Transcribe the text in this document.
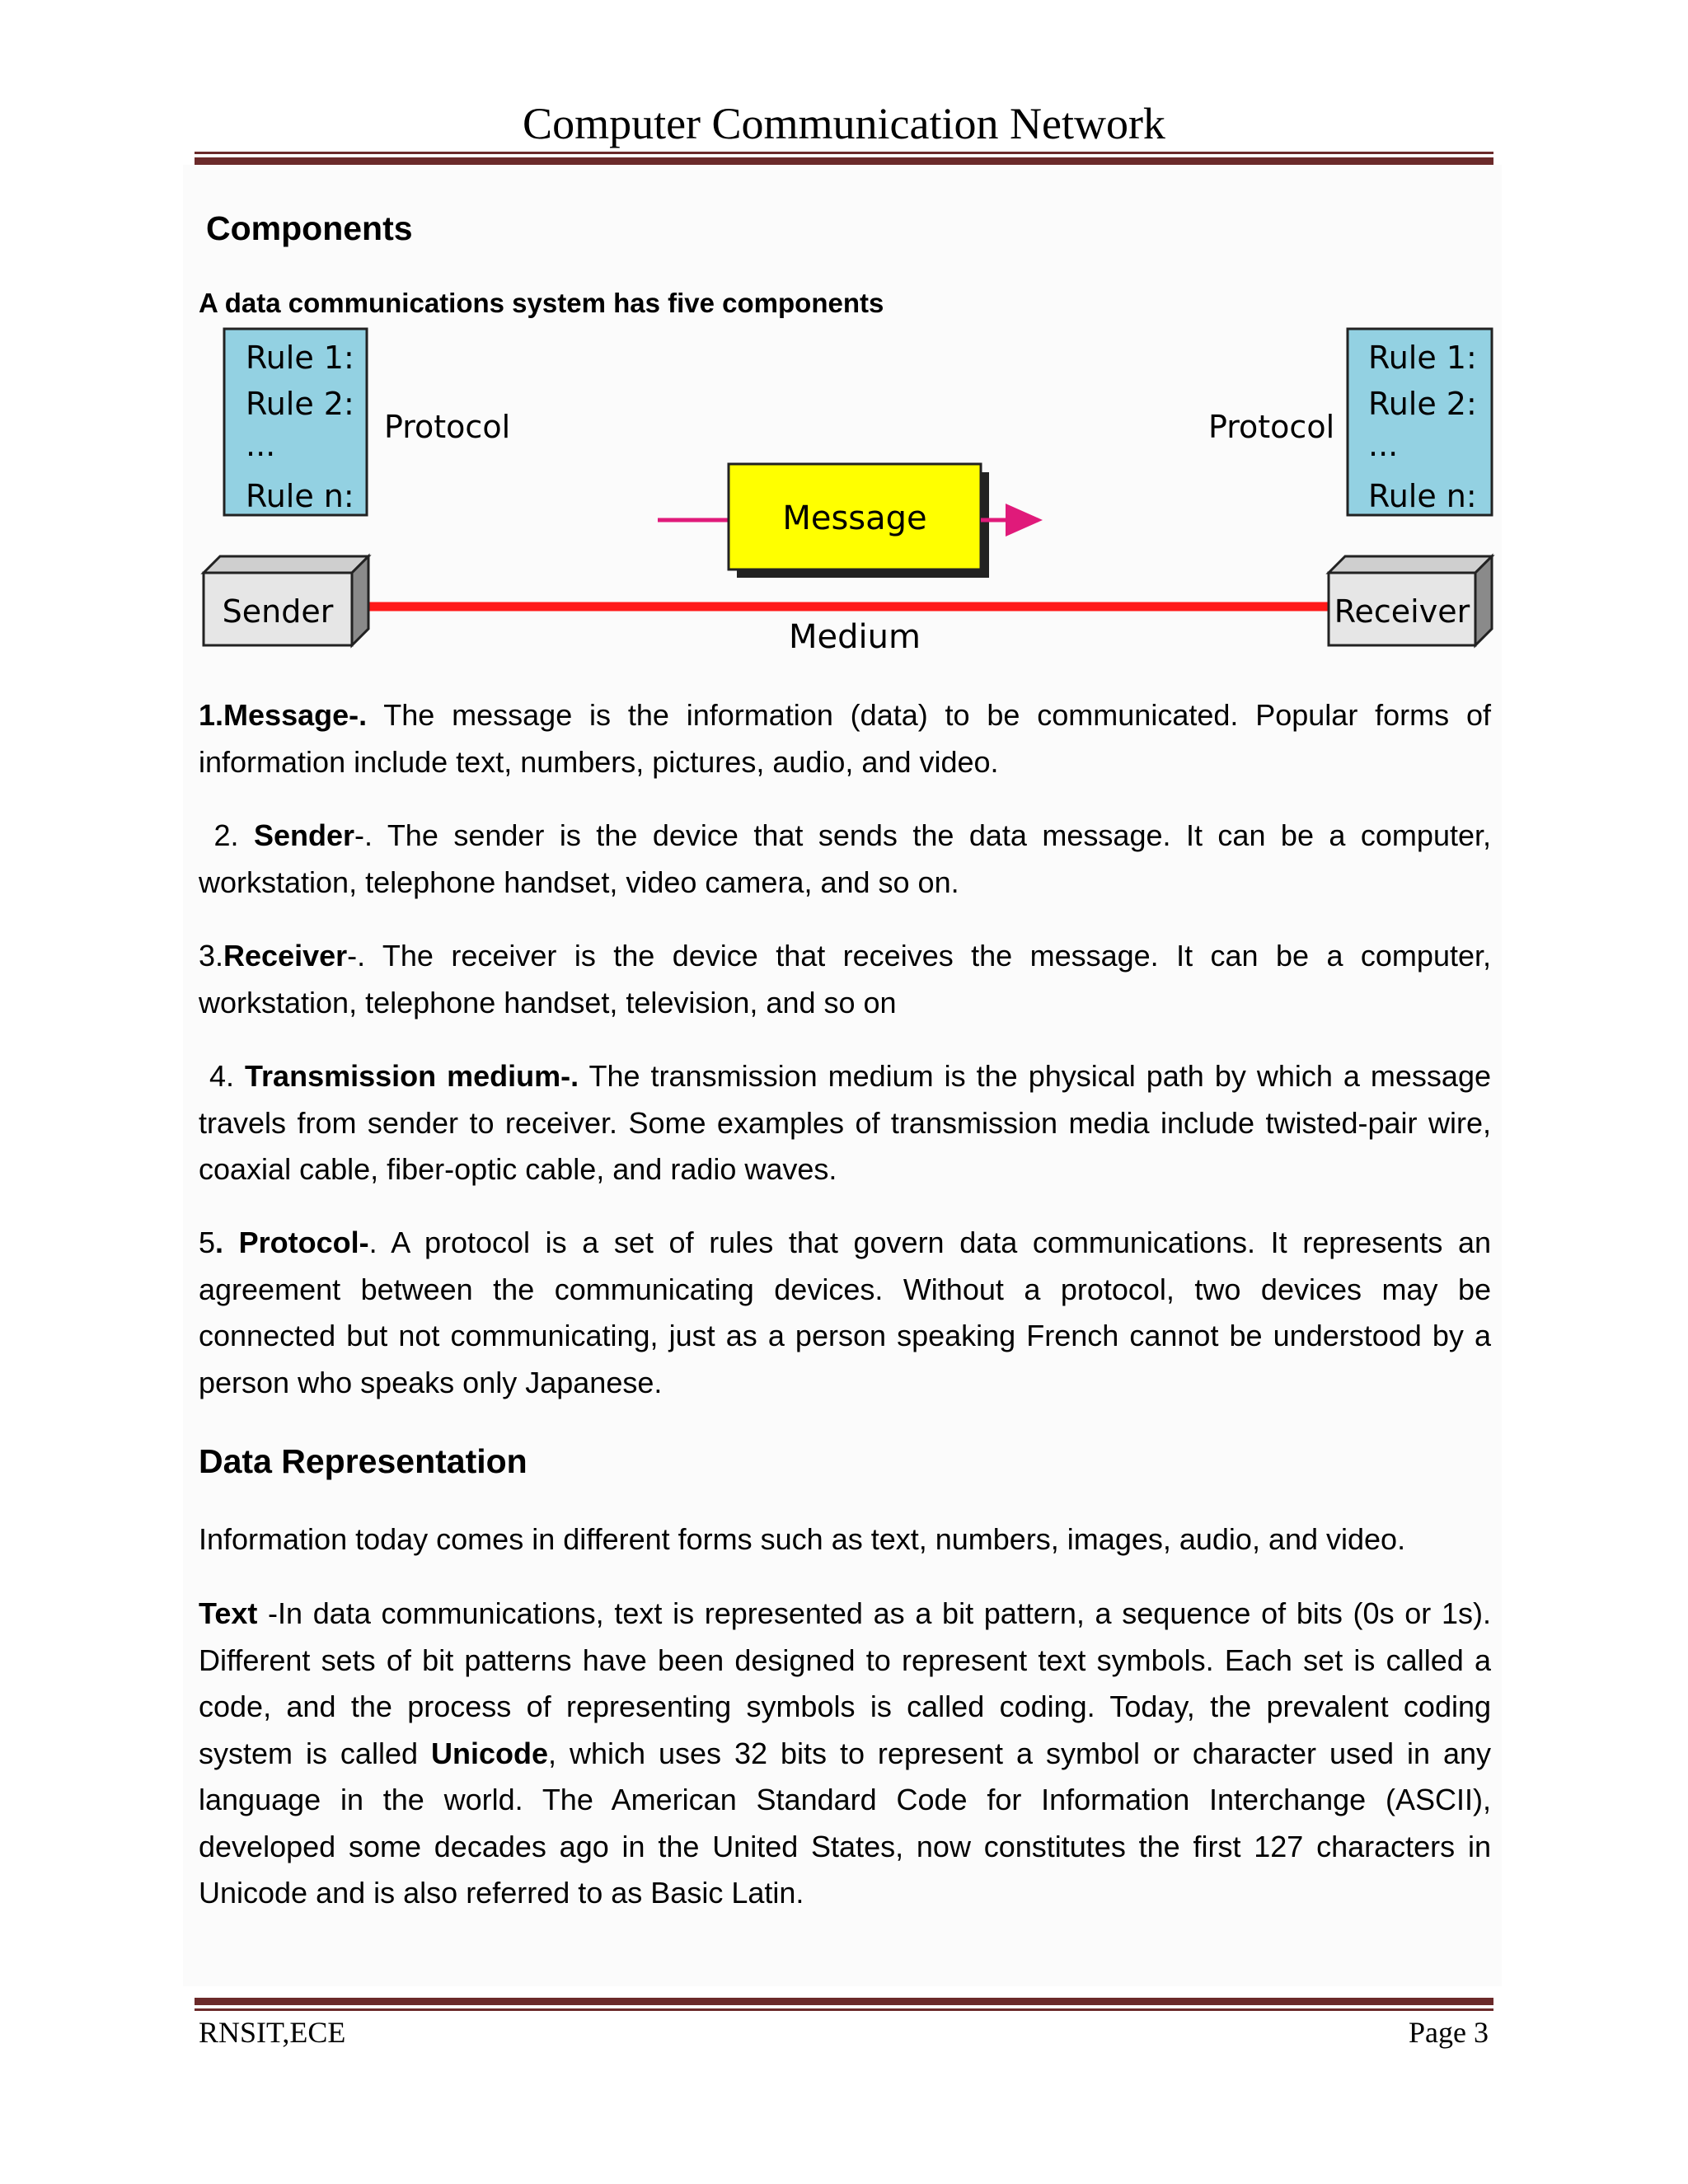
Computer Communication Network
Components
A data communications system has five components
Rule 1:
Rule 2:
...
Rule n:
Protocol
Rule 1:
Rule 2:
...
Rule n:
Protocol
Message
Medium
Sender	Receiver
1.Message-. The message is the information (data) to be communicated. Popular forms of information include text, numbers, pictures, audio, and video.
2. Sender-. The sender is the device that sends the data message. It can be a computer, workstation, telephone handset, video camera, and so on.
3.Receiver-. The receiver is the device that receives the message. It can be a computer, workstation, telephone handset, television, and so on
4. Transmission medium-. The transmission medium is the physical path by which a message travels from sender to receiver. Some examples of transmission media include twisted-pair wire, coaxial cable, fiber-optic cable, and radio waves.
5. Protocol-. A protocol is a set of rules that govern data communications. It represents an agreement between the communicating devices. Without a protocol, two devices may be connected but not communicating, just as a person speaking French cannot be understood by a person who speaks only Japanese.
Data Representation
Information today comes in different forms such as text, numbers, images, audio, and video.
Text -In data communications, text is represented as a bit pattern, a sequence of bits (0s or 1s). Different sets of bit patterns have been designed to represent text symbols. Each set is called a code, and the process of representing symbols is called coding. Today, the prevalent coding system is called Unicode, which uses 32 bits to represent a symbol or character used in any language in the world. The American Standard Code for Information Interchange (ASCII), developed some decades ago in the United States, now constitutes the first 127 characters in Unicode and is also referred to as Basic Latin.
RNSIT,ECE	Page 3
